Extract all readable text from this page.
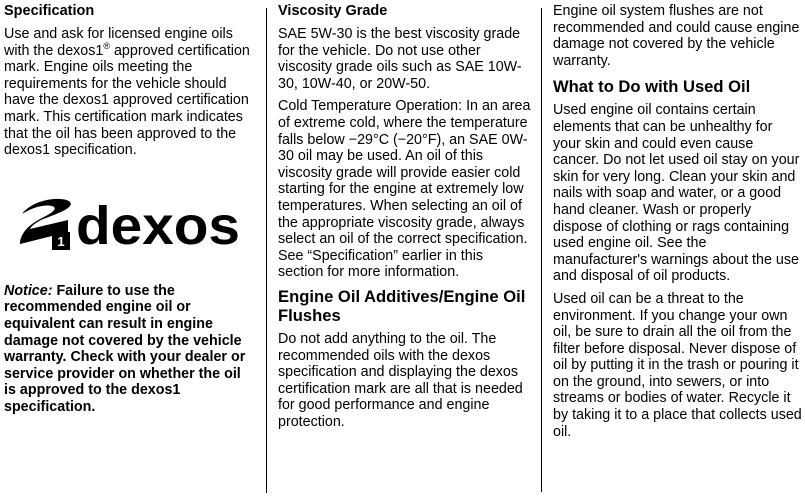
Specification

Use and ask for licensed engine oils with the dexos1® approved certification mark. Engine oils meeting the requirements for the vehicle should have the dexos1 approved certification mark. This certification mark indicates that the oil has been approved to the dexos1 specification.

1 dexos

Notice: Failure to use the recommended engine oil or equivalent can result in engine damage not covered by the vehicle warranty. Check with your dealer or service provider on whether the oil is approved to the dexos1 specification.

Viscosity Grade

SAE 5W-30 is the best viscosity grade for the vehicle. Do not use other viscosity grade oils such as SAE 10W-30, 10W-40, or 20W-50.

Cold Temperature Operation: In an area of extreme cold, where the temperature falls below −29°C (−20°F), an SAE 0W-30 oil may be used. An oil of this viscosity grade will provide easier cold starting for the engine at extremely low temperatures. When selecting an oil of the appropriate viscosity grade, always select an oil of the correct specification. See “Specification” earlier in this section for more information.

Engine Oil Additives/Engine Oil Flushes

Do not add anything to the oil. The recommended oils with the dexos specification and displaying the dexos certification mark are all that is needed for good performance and engine protection.

Engine oil system flushes are not recommended and could cause engine damage not covered by the vehicle warranty.

What to Do with Used Oil

Used engine oil contains certain elements that can be unhealthy for your skin and could even cause cancer. Do not let used oil stay on your skin for very long. Clean your skin and nails with soap and water, or a good hand cleaner. Wash or properly dispose of clothing or rags containing used engine oil. See the manufacturer's warnings about the use and disposal of oil products.

Used oil can be a threat to the environment. If you change your own oil, be sure to drain all the oil from the filter before disposal. Never dispose of oil by putting it in the trash or pouring it on the ground, into sewers, or into streams or bodies of water. Recycle it by taking it to a place that collects used oil.
